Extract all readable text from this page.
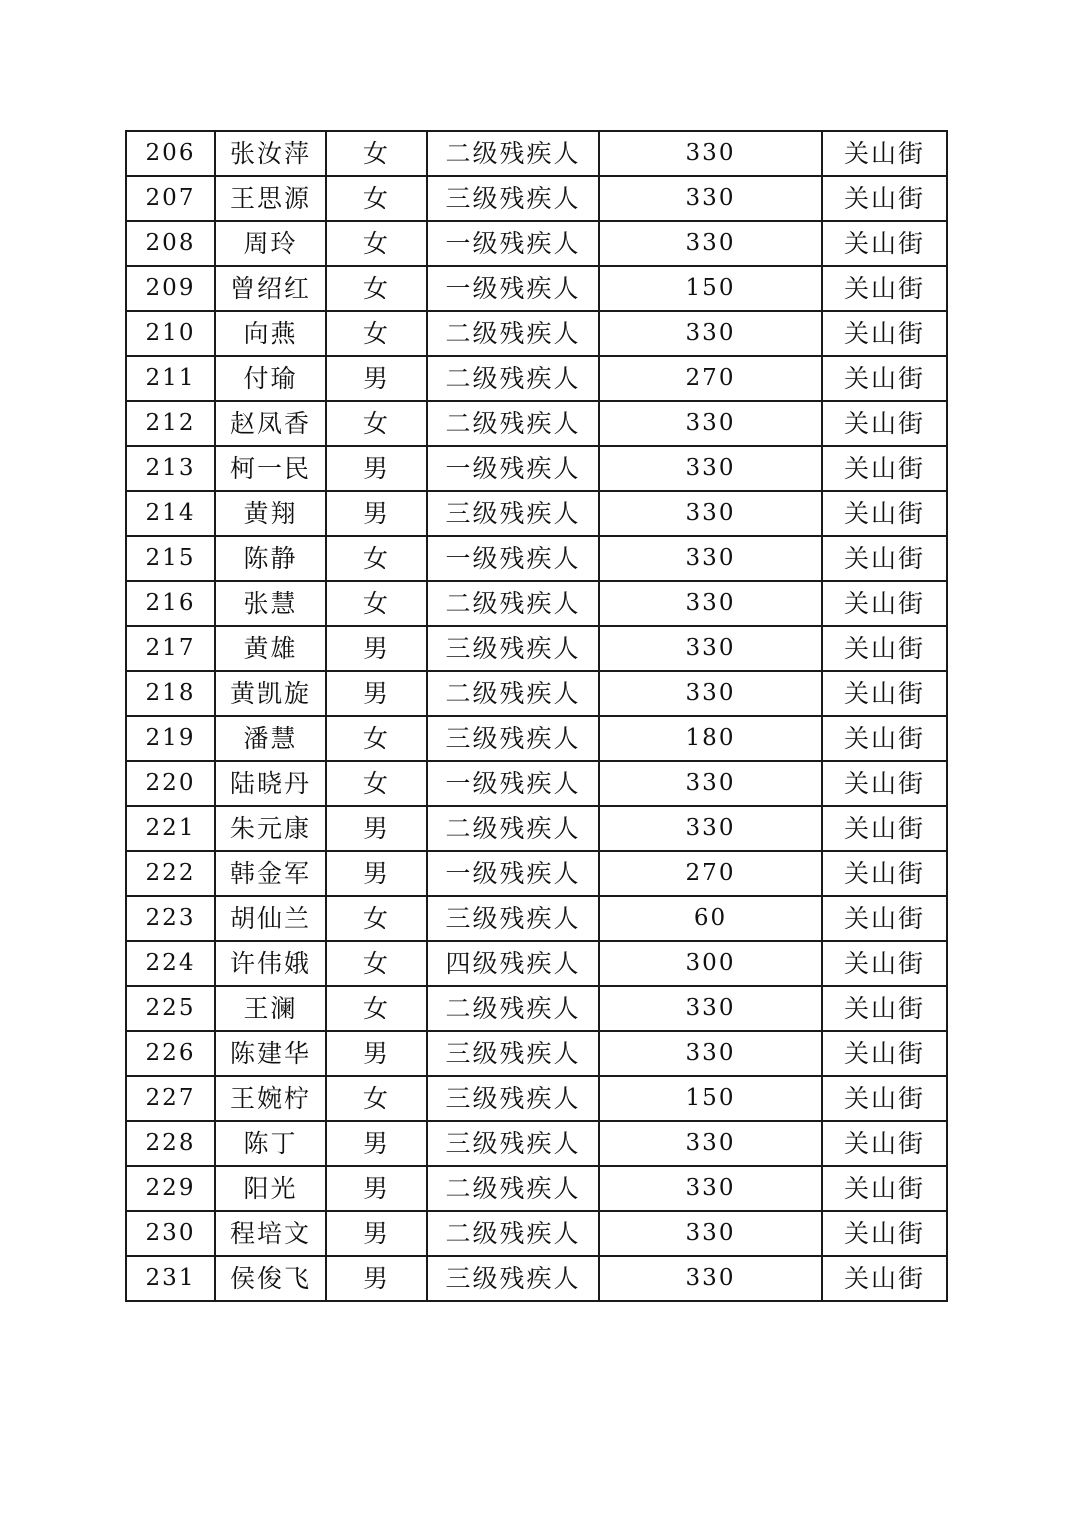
206	张汝萍	女	二级残疾人	330	关山街
207	王思源	女	三级残疾人	330	关山街
208	周玲	女	一级残疾人	330	关山街
209	曾绍红	女	一级残疾人	150	关山街
210	向燕	女	二级残疾人	330	关山街
211	付瑜	男	二级残疾人	270	关山街
212	赵凤香	女	二级残疾人	330	关山街
213	柯一民	男	一级残疾人	330	关山街
214	黄翔	男	三级残疾人	330	关山街
215	陈静	女	一级残疾人	330	关山街
216	张慧	女	二级残疾人	330	关山街
217	黄雄	男	三级残疾人	330	关山街
218	黄凯旋	男	二级残疾人	330	关山街
219	潘慧	女	三级残疾人	180	关山街
220	陆晓丹	女	一级残疾人	330	关山街
221	朱元康	男	二级残疾人	330	关山街
222	韩金军	男	一级残疾人	270	关山街
223	胡仙兰	女	三级残疾人	60	关山街
224	许伟娥	女	四级残疾人	300	关山街
225	王澜	女	二级残疾人	330	关山街
226	陈建华	男	三级残疾人	330	关山街
227	王婉柠	女	三级残疾人	150	关山街
228	陈丁	男	三级残疾人	330	关山街
229	阳光	男	二级残疾人	330	关山街
230	程培文	男	二级残疾人	330	关山街
231	侯俊飞	男	三级残疾人	330	关山街
